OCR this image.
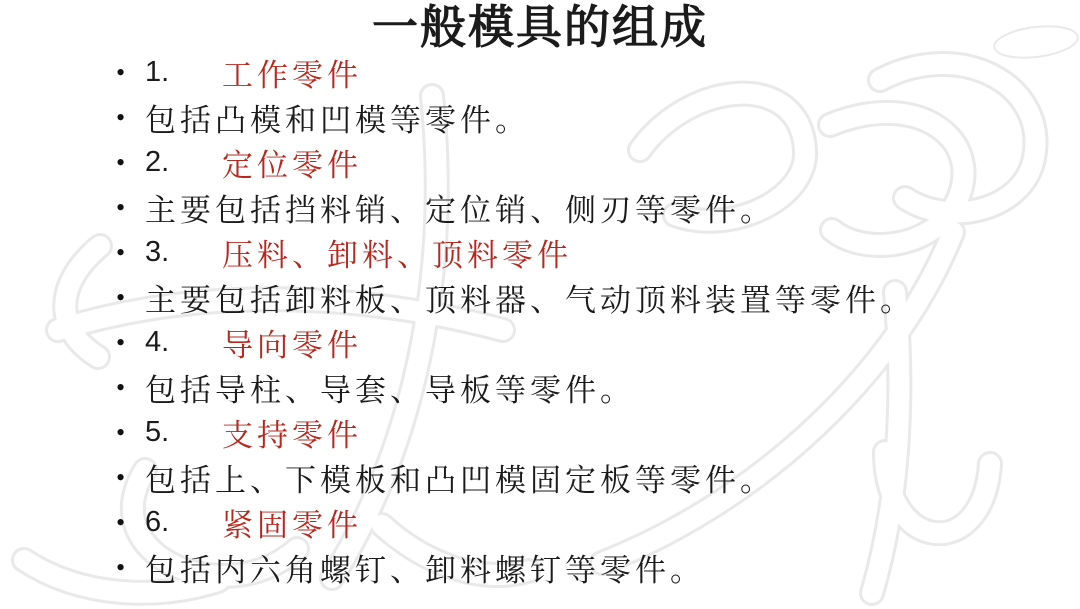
一般模具的组成
• 1.	工作零件
• 包括凸模和凹模等零件。
• 2.	定位零件
• 主要包括挡料销、定位销、侧刃等零件。
• 3.	压料、卸料、顶料零件
• 主要包括卸料板、顶料器、气动顶料装置等零件。
• 4.	导向零件
• 包括导柱、导套、导板等零件。
• 5.	支持零件
• 包括上、下模板和凸凹模固定板等零件。
• 6.	紧固零件
• 包括内六角螺钉、卸料螺钉等零件。
